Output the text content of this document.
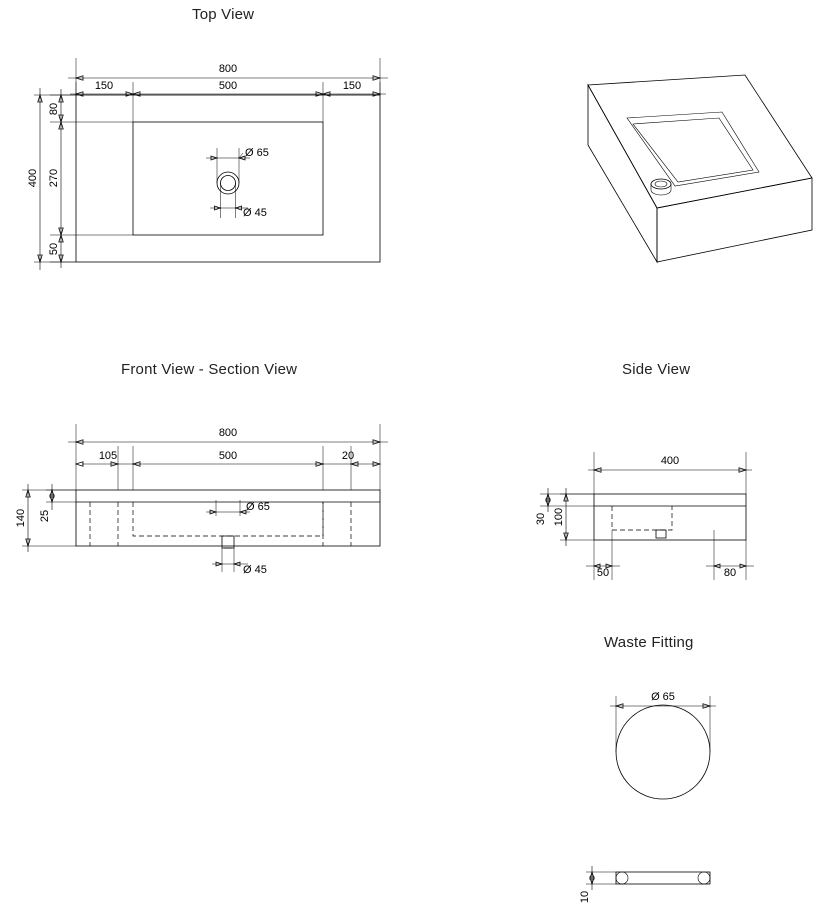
Top View
Front View - Section View	Side View
Waste Fitting
800
150	500	150
400
80
270
50
Ø 65
Ø 45
800
105	500	20
140 25
Ø 65
Ø 45
400
100
30
50	80
Ø 65
10
